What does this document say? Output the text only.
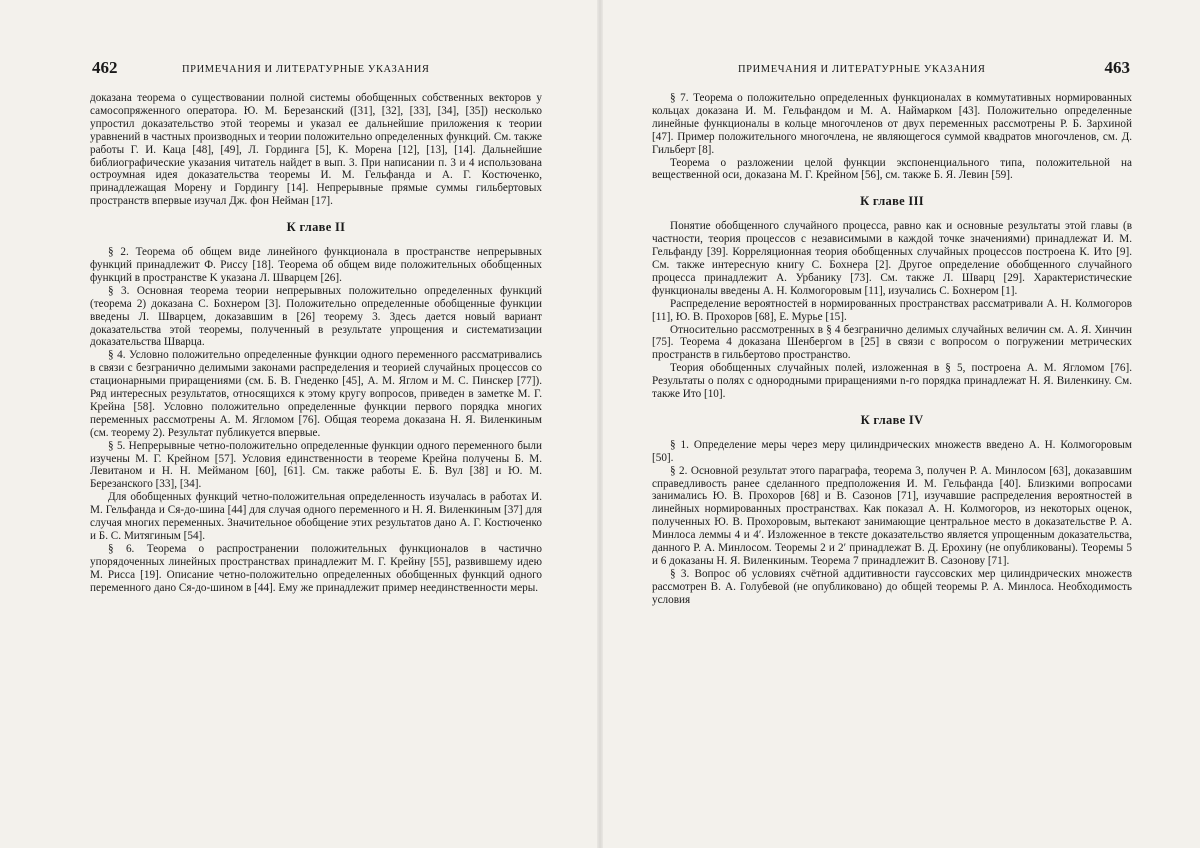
462	ПРИМЕЧАНИЯ И ЛИТЕРАТУРНЫЕ УКАЗАНИЯ

доказана теорема о существовании полной системы обобщенных собственных векторов у самосопряженного оператора. Ю. М. Березанский ([31], [32], [33], [34], [35]) несколько упростил доказательство этой теоремы и указал ее дальнейшие приложения к теории уравнений в частных производных и теории положительно определенных функций. См. также работы Г. И. Каца [48], [49], Л. Гординга [5], К. Морена [12], [13], [14]. Дальнейшие библиографические указания читатель найдет в вып. 3. При написании п. 3 и 4 использована остроумная идея доказательства теоремы И. М. Гельфанда и А. Г. Костюченко, принадлежащая Морену и Гордингу [14]. Непрерывные прямые суммы гильбертовых пространств впервые изучал Дж. фон Нейман [17].

К главе II

§ 2. Теорема об общем виде линейного функционала в пространстве непрерывных функций принадлежит Ф. Риссу [18]. Теорема об общем виде положительных обобщенных функций в пространстве K указана Л. Шварцем [26].

§ 3. Основная теорема теории непрерывных положительно определенных функций (теорема 2) доказана С. Бохнером [3]. Положительно определенные обобщенные функции введены Л. Шварцем, доказавшим в [26] теорему 3. Здесь дается новый вариант доказательства этой теоремы, полученный в результате упрощения и систематизации доказательства Шварца.

§ 4. Условно положительно определенные функции одного переменного рассматривались в связи с безгранично делимыми законами распределения и теорией случайных процессов со стационарными приращениями (см. Б. В. Гнеденко [45], А. М. Яглом и М. С. Пинскер [77]). Ряд интересных результатов, относящихся к этому кругу вопросов, приведен в заметке М. Г. Крейна [58]. Условно положительно определенные функции первого порядка многих переменных рассмотрены А. М. Ягломом [76]. Общая теорема доказана Н. Я. Виленкиным (см. теорему 2). Результат публикуется впервые.

§ 5. Непрерывные четно-положительно определенные функции одного переменного были изучены М. Г. Крейном [57]. Условия единственности в теореме Крейна получены Б. М. Левитаном и Н. Н. Мейманом [60], [61]. См. также работы Е. Б. Вул [38] и Ю. М. Березанского [33], [34].

Для обобщенных функций четно-положительная определенность изучалась в работах И. М. Гельфанда и Ся-до-шина [44] для случая одного переменного и Н. Я. Виленкиным [37] для случая многих переменных. Значительное обобщение этих результатов дано А. Г. Костюченко и Б. С. Митягиным [54].

§ 6. Теорема о распространении положительных функционалов в частично упорядоченных линейных пространствах принадлежит М. Г. Крейну [55], развившему идею М. Рисса [19]. Описание четно-положительно определенных обобщенных функций одного переменного дано Ся-до-шином в [44]. Ему же принадлежит пример неединственности меры.

ПРИМЕЧАНИЯ И ЛИТЕРАТУРНЫЕ УКАЗАНИЯ	463

§ 7. Теорема о положительно определенных функционалах в коммутативных нормированных кольцах доказана И. М. Гельфандом и М. А. Наймарком [43]. Положительно определенные линейные функционалы в кольце многочленов от двух переменных рассмотрены Р. Б. Зархиной [47]. Пример положительного многочлена, не являющегося суммой квадратов многочленов, см. Д. Гильберт [8].

Теорема о разложении целой функции экспоненциального типа, положительной на вещественной оси, доказана М. Г. Крейном [56], см. также Б. Я. Левин [59].

К главе III

Понятие обобщенного случайного процесса, равно как и основные результаты этой главы (в частности, теория процессов с независимыми в каждой точке значениями) принадлежат И. М. Гельфанду [39]. Корреляционная теория обобщенных случайных процессов построена К. Ито [9]. См. также интересную книгу С. Бохнера [2]. Другое определение обобщенного случайного процесса принадлежит А. Урбанику [73]. См. также Л. Шварц [29]. Характеристические функционалы введены А. Н. Колмогоровым [11], изучались С. Бохнером [1].

Распределение вероятностей в нормированных пространствах рассматривали А. Н. Колмогоров [11], Ю. В. Прохоров [68], Е. Мурье [15].

Относительно рассмотренных в § 4 безгранично делимых случайных величин см. А. Я. Хинчин [75]. Теорема 4 доказана Шенбергом в [25] в связи с вопросом о погружении метрических пространств в гильбертово пространство.

Теория обобщенных случайных полей, изложенная в § 5, построена А. М. Ягломом [76]. Результаты о полях с однородными приращениями n-го порядка принадлежат Н. Я. Виленкину. См. также Ито [10].

К главе IV

§ 1. Определение меры через меру цилиндрических множеств введено А. Н. Колмогоровым [50].

§ 2. Основной результат этого параграфа, теорема 3, получен Р. А. Минлосом [63], доказавшим справедливость ранее сделанного предположения И. М. Гельфанда [40]. Близкими вопросами занимались Ю. В. Прохоров [68] и В. Сазонов [71], изучавшие распределения вероятностей в линейных нормированных пространствах. Как показал А. Н. Колмогоров, из некоторых оценок, полученных Ю. В. Прохоровым, вытекают занимающие центральное место в доказательстве Р. А. Минлоса леммы 4 и 4′. Изложенное в тексте доказательство является упрощенным доказательства, данного Р. А. Минлосом. Теоремы 2 и 2′ принадлежат В. Д. Ерохину (не опубликованы). Теоремы 5 и 6 доказаны Н. Я. Виленкиным. Теорема 7 принадлежит В. Сазонову [71].

§ 3. Вопрос об условиях счётной аддитивности гауссовских мер цилиндрических множеств рассмотрен В. А. Голубевой (не опубликовано) до общей теоремы Р. А. Минлоса. Необходимость условия
